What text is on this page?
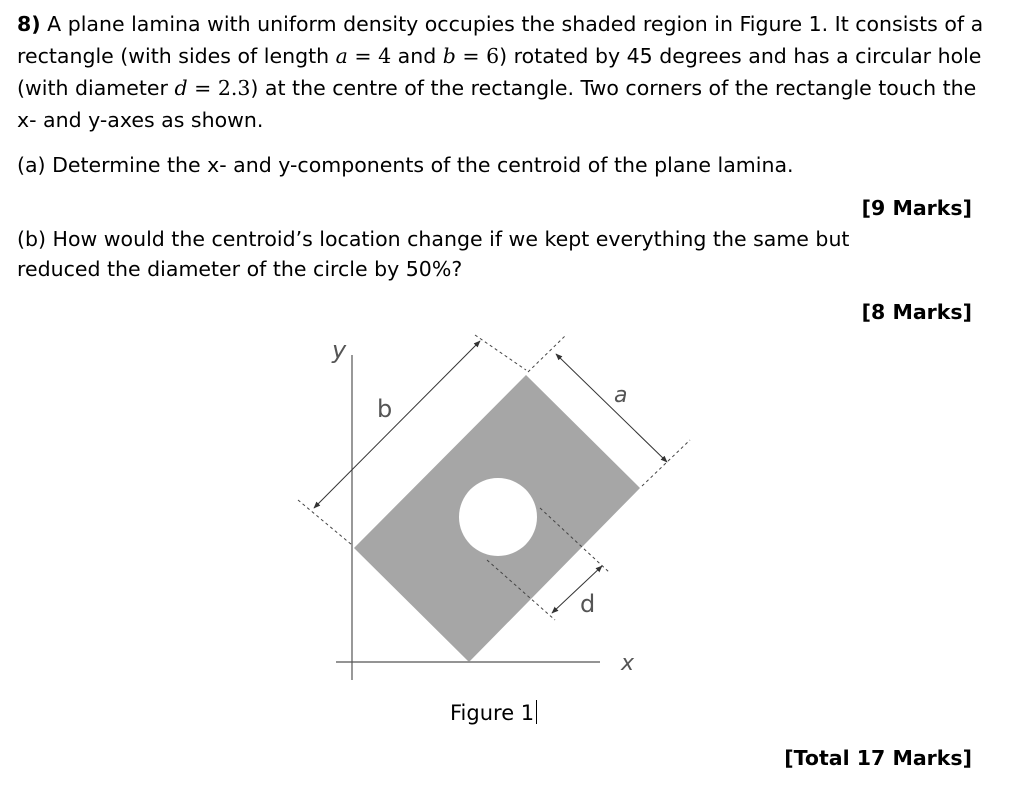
8) A plane lamina with uniform density occupies the shaded region in Figure 1. It consists of a rectangle (with sides of length a = 4 and b = 6) rotated by 45 degrees and has a circular hole (with diameter d = 2.3) at the centre of the rectangle. Two corners of the rectangle touch the x- and y-axes as shown.

(a) Determine the x- and y-components of the centroid of the plane lamina.

[9 Marks]

(b) How would the centroid’s location change if we kept everything the same but reduced the diameter of the circle by 50%?

[8 Marks]
y
b	a
d
x
Figure 1
[Total 17 Marks]
